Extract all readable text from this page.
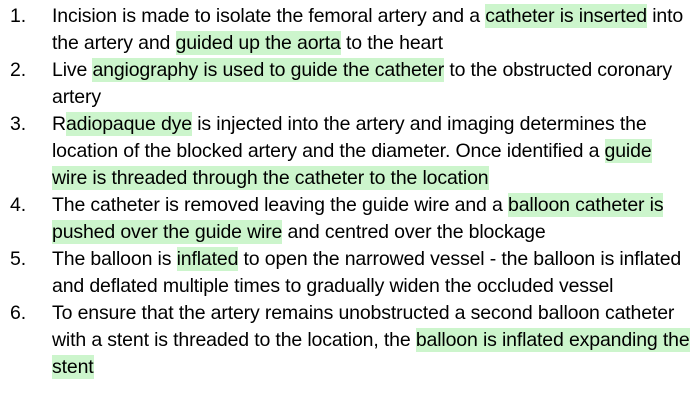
1.	Incision is made to isolate the femoral artery and a catheter is inserted into the artery and guided up the aorta to the heart
2.	Live angiography is used to guide the catheter to the obstructed coronary artery
3.	Radiopaque dye is injected into the artery and imaging determines the location of the blocked artery and the diameter. Once identified a guide wire is threaded through the catheter to the location
4.	The catheter is removed leaving the guide wire and a balloon catheter is pushed over the guide wire and centred over the blockage
5.	The balloon is inflated to open the narrowed vessel - the balloon is inflated and deflated multiple times to gradually widen the occluded vessel
6.	To ensure that the artery remains unobstructed a second balloon catheter with a stent is threaded to the location, the balloon is inflated expanding the stent
